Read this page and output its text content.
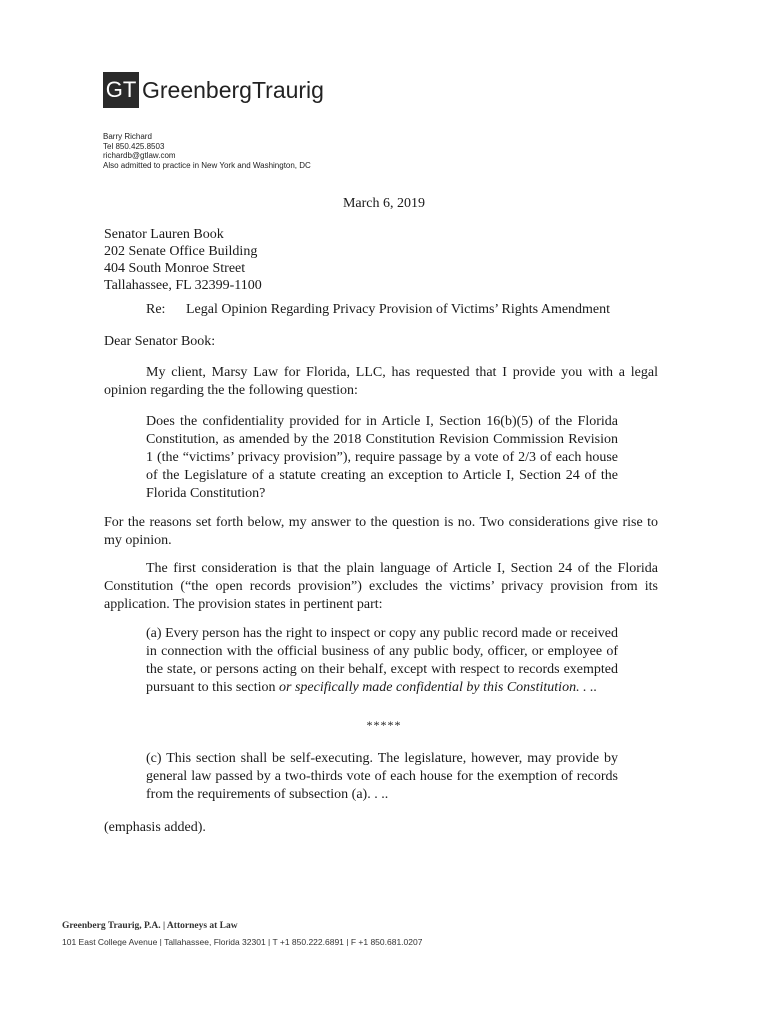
GT GreenbergTraurig
Barry Richard
Tel 850.425.8503
richardb@gtlaw.com
Also admitted to practice in New York and Washington, DC
March 6, 2019
Senator Lauren Book
202 Senate Office Building
404 South Monroe Street
Tallahassee, FL 32399-1100
Re: Legal Opinion Regarding Privacy Provision of Victims’ Rights Amendment
Dear Senator Book:
My client, Marsy Law for Florida, LLC, has requested that I provide you with a legal opinion regarding the the following question:
Does the confidentiality provided for in Article I, Section 16(b)(5) of the Florida Constitution, as amended by the 2018 Constitution Revision Commission Revision 1 (the “victims’ privacy provision”), require passage by a vote of 2/3 of each house of the Legislature of a statute creating an exception to Article I, Section 24 of the Florida Constitution?
For the reasons set forth below, my answer to the question is no. Two considerations give rise to my opinion.
The first consideration is that the plain language of Article I, Section 24 of the Florida Constitution (“the open records provision”) excludes the victims’ privacy provision from its application. The provision states in pertinent part:
(a) Every person has the right to inspect or copy any public record made or received in connection with the official business of any public body, officer, or employee of the state, or persons acting on their behalf, except with respect to records exempted pursuant to this section or specifically made confidential by this Constitution. . ..
*****
(c) This section shall be self-executing. The legislature, however, may provide by general law passed by a two-thirds vote of each house for the exemption of records from the requirements of subsection (a). . ..
(emphasis added).
Greenberg Traurig, P.A. | Attorneys at Law
101 East College Avenue | Tallahassee, Florida 32301 | T +1 850.222.6891 | F +1 850.681.0207
